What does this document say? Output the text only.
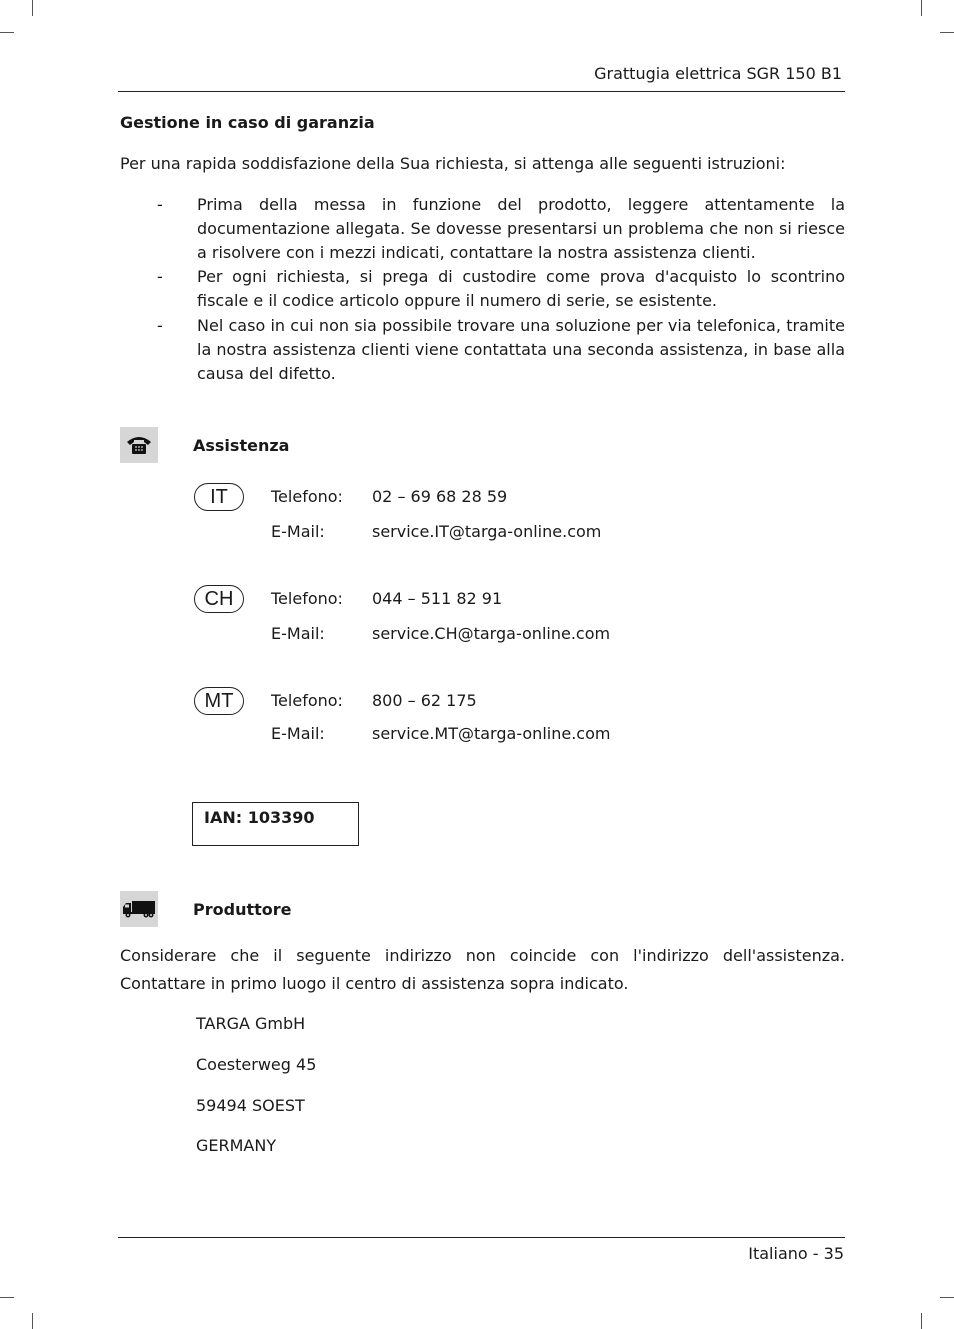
Grattugia elettrica SGR 150 B1
Gestione in caso di garanzia
Per una rapida soddisfazione della Sua richiesta, si attenga alle seguenti istruzioni:
- Prima della messa in funzione del prodotto, leggere attentamente la documentazione allegata. Se dovesse presentarsi un problema che non si riesce a risolvere con i mezzi indicati, contattare la nostra assistenza clienti.
- Per ogni richiesta, si prega di custodire come prova d'acquisto lo scontrino fiscale e il codice articolo oppure il numero di serie, se esistente.
- Nel caso in cui non sia possibile trovare una soluzione per via telefonica, tramite la nostra assistenza clienti viene contattata una seconda assistenza, in base alla causa del difetto.
Assistenza
IT	Telefono: 02 – 69 68 28 59
E-Mail:	service.IT@targa-online.com
CH	Telefono: 044 – 511 82 91
E-Mail:	service.CH@targa-online.com
MT	Telefono: 800 – 62 175
E-Mail:	service.MT@targa-online.com
IAN: 103390
Produttore
Considerare che il seguente indirizzo non coincide con l'indirizzo dell'assistenza. Contattare in primo luogo il centro di assistenza sopra indicato.
TARGA GmbH
Coesterweg 45
59494 SOEST
GERMANY
Italiano - 35
